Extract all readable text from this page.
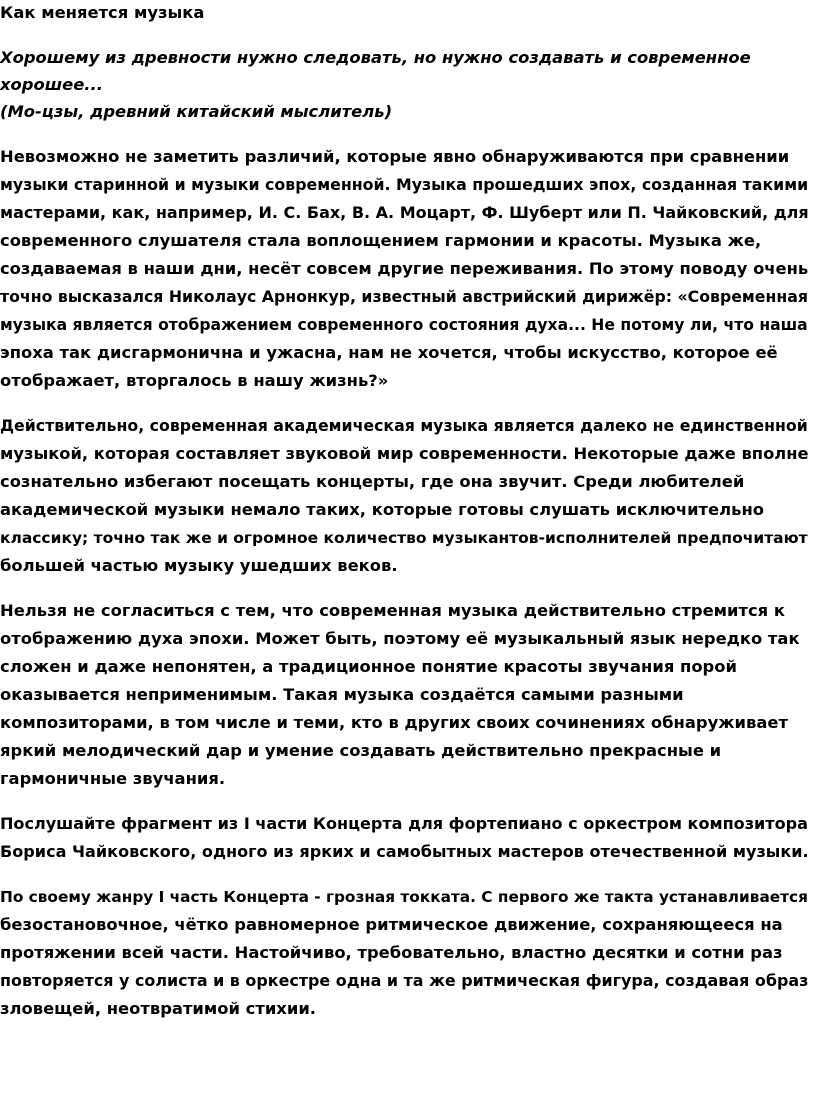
Как меняется музыка
Хорошему из древности нужно следовать, но нужно создавать и современное
хорошее...
(Мо-цзы, древний китайский мыслитель)
Невозможно не заметить различий, которые явно обнаруживаются при сравнении
музыки старинной и музыки современной. Музыка прошедших эпох, созданная такими
мастерами, как, например, И. С. Бах, В. А. Моцарт, Ф. Шуберт или П. Чайковский, для
современного слушателя стала воплощением гармонии и красоты. Музыка же,
создаваемая в наши дни, несёт совсем другие переживания. По этому поводу очень
точно высказался Николаус Арнонкур, известный австрийский дирижёр: «Современная
музыка является отображением современного состояния духа... Не потому ли, что наша
эпоха так дисгармонична и ужасна, нам не хочется, чтобы искусство, которое её
отображает, вторгалось в нашу жизнь?»
Действительно, современная академическая музыка является далеко не единственной
музыкой, которая составляет звуковой мир современности. Некоторые даже вполне
сознательно избегают посещать концерты, где она звучит. Среди любителей
академической музыки немало таких, которые готовы слушать исключительно
классику; точно так же и огромное количество музыкантов-исполнителей предпочитают
большей частью музыку ушедших веков.
Нельзя не согласиться с тем, что современная музыка действительно стремится к
отображению духа эпохи. Может быть, поэтому её музыкальный язык нередко так
сложен и даже непонятен, а традиционное понятие красоты звучания порой
оказывается неприменимым. Такая музыка создаётся самыми разными
композиторами, в том числе и теми, кто в других своих сочинениях обнаруживает
яркий мелодический дар и умение создавать действительно прекрасные и
гармоничные звучания.
Послушайте фрагмент из I части Концерта для фортепиано с оркестром композитора
Бориса Чайковского, одного из ярких и самобытных мастеров отечественной музыки.
По своему жанру I часть Концерта - грозная токката. С первого же такта устанавливается
безостановочное, чётко равномерное ритмическое движение, сохраняющееся на
протяжении всей части. Настойчиво, требовательно, властно десятки и сотни раз
повторяется у солиста и в оркестре одна и та же ритмическая фигура, создавая образ
зловещей, неотвратимой стихии.
